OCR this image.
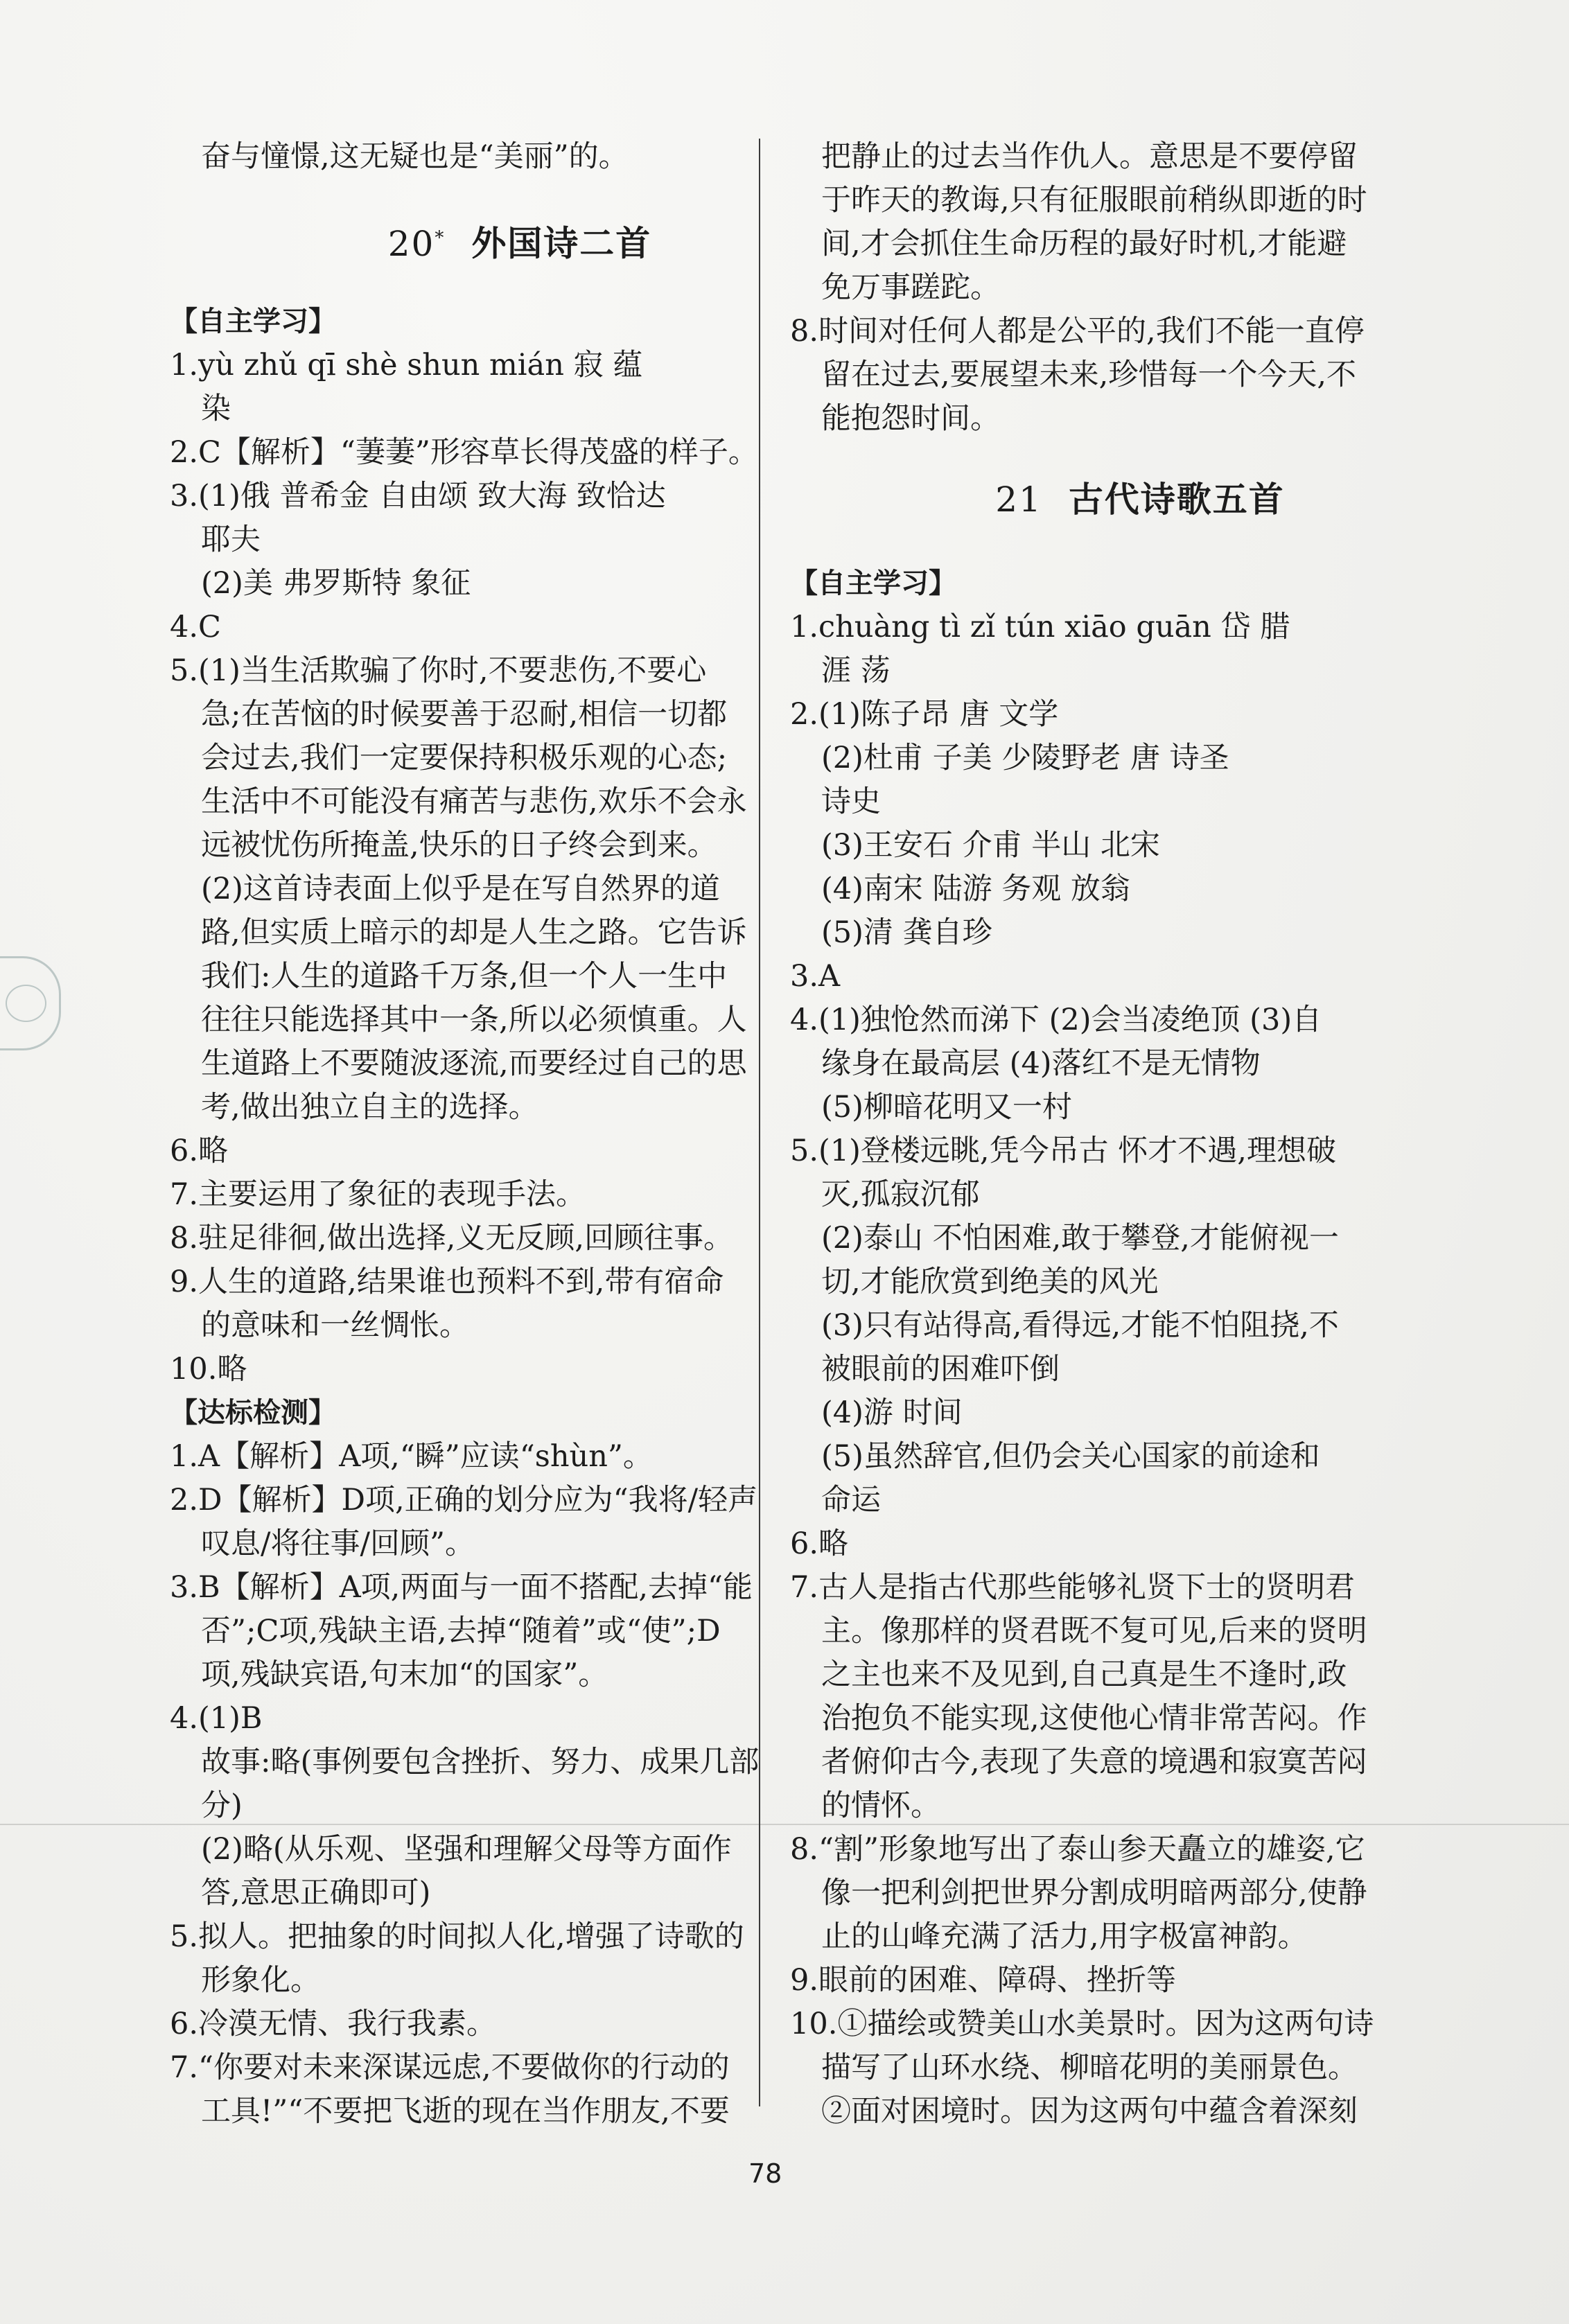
奋与憧憬,这无疑也是“美丽”的。
20* 外国诗二首
【自主学习】
1.yù zhǔ qī shè shun mián 寂 蕴
染
2.C【解析】“萋萋”形容草长得茂盛的样子。
3.(1)俄 普希金 自由颂 致大海 致恰达
耶夫
(2)美 弗罗斯特 象征
4.C
5.(1)当生活欺骗了你时,不要悲伤,不要心
急;在苦恼的时候要善于忍耐,相信一切都
会过去,我们一定要保持积极乐观的心态;
生活中不可能没有痛苦与悲伤,欢乐不会永
远被忧伤所掩盖,快乐的日子终会到来。
(2)这首诗表面上似乎是在写自然界的道
路,但实质上暗示的却是人生之路。它告诉
我们:人生的道路千万条,但一个人一生中
往往只能选择其中一条,所以必须慎重。人
生道路上不要随波逐流,而要经过自己的思
考,做出独立自主的选择。
6.略
7.主要运用了象征的表现手法。
8.驻足徘徊,做出选择,义无反顾,回顾往事。
9.人生的道路,结果谁也预料不到,带有宿命
的意味和一丝惆怅。
10.略
【达标检测】
1.A【解析】A项,“瞬”应读“shùn”。
2.D【解析】D项,正确的划分应为“我将/轻声
叹息/将往事/回顾”。
3.B【解析】A项,两面与一面不搭配,去掉“能
否”;C项,残缺主语,去掉“随着”或“使”;D
项,残缺宾语,句末加“的国家”。
4.(1)B
故事:略(事例要包含挫折、努力、成果几部
分)
(2)略(从乐观、坚强和理解父母等方面作
答,意思正确即可)
5.拟人。把抽象的时间拟人化,增强了诗歌的
形象化。
6.冷漠无情、我行我素。
7.“你要对未来深谋远虑,不要做你的行动的
工具!”“不要把飞逝的现在当作朋友,不要
把静止的过去当作仇人。意思是不要停留
于昨天的教诲,只有征服眼前稍纵即逝的时
间,才会抓住生命历程的最好时机,才能避
免万事蹉跎。
8.时间对任何人都是公平的,我们不能一直停
留在过去,要展望未来,珍惜每一个今天,不
能抱怨时间。
21 古代诗歌五首
【自主学习】
1.chuàng tì zǐ tún xiāo guān 岱 腊
涯 荡
2.(1)陈子昂 唐 文学
(2)杜甫 子美 少陵野老 唐 诗圣
诗史
(3)王安石 介甫 半山 北宋
(4)南宋 陆游 务观 放翁
(5)清 龚自珍
3.A
4.(1)独怆然而涕下 (2)会当凌绝顶 (3)自
缘身在最高层 (4)落红不是无情物
(5)柳暗花明又一村
5.(1)登楼远眺,凭今吊古 怀才不遇,理想破
灭,孤寂沉郁
(2)泰山 不怕困难,敢于攀登,才能俯视一
切,才能欣赏到绝美的风光
(3)只有站得高,看得远,才能不怕阻挠,不
被眼前的困难吓倒
(4)游 时间
(5)虽然辞官,但仍会关心国家的前途和
命运
6.略
7.古人是指古代那些能够礼贤下士的贤明君
主。像那样的贤君既不复可见,后来的贤明
之主也来不及见到,自己真是生不逢时,政
治抱负不能实现,这使他心情非常苦闷。作
者俯仰古今,表现了失意的境遇和寂寞苦闷
的情怀。
8.“割”形象地写出了泰山参天矗立的雄姿,它
像一把利剑把世界分割成明暗两部分,使静
止的山峰充满了活力,用字极富神韵。
9.眼前的困难、障碍、挫折等
10.①描绘或赞美山水美景时。因为这两句诗
描写了山环水绕、柳暗花明的美丽景色。
②面对困境时。因为这两句中蕴含着深刻
78
